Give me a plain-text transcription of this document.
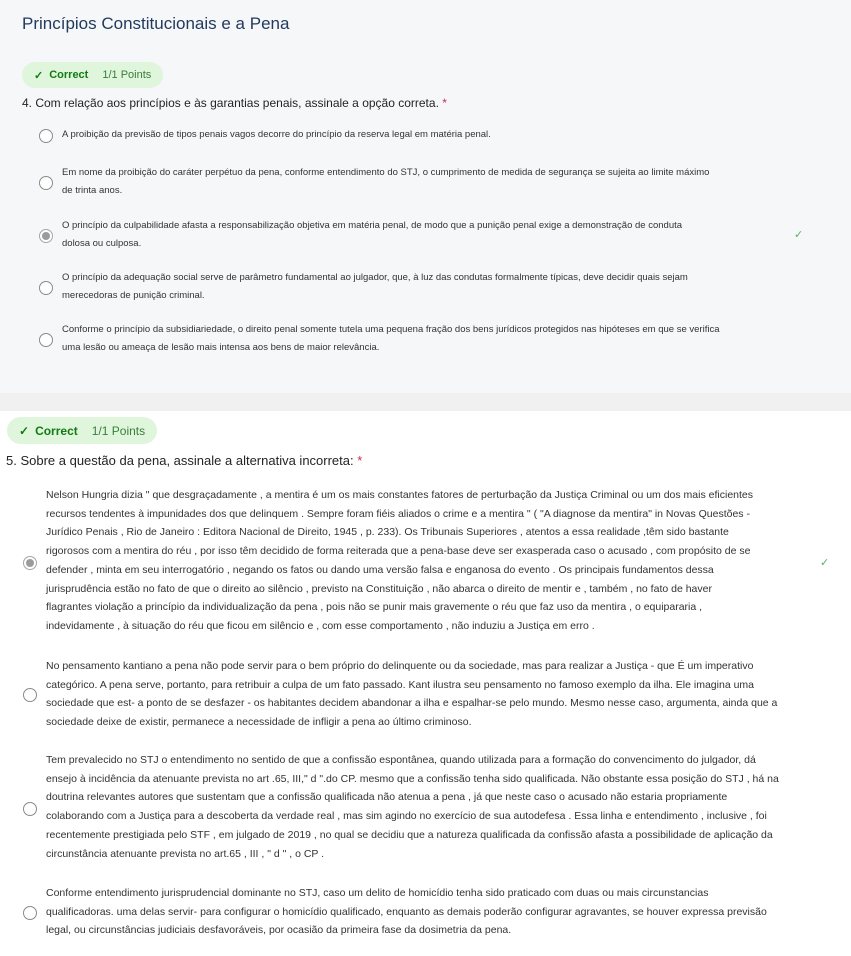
Princípios Constitucionais e a Pena
✓ Correct 1/1 Points
4. Com relação aos princípios e às garantias penais, assinale a opção correta. *
A proibição da previsão de tipos penais vagos decorre do princípio da reserva legal em matéria penal.
Em nome da proibição do caráter perpétuo da pena, conforme entendimento do STJ, o cumprimento de medida de segurança se sujeita ao limite máximo
de trinta anos.
O princípio da culpabilidade afasta a responsabilização objetiva em matéria penal, de modo que a punição penal exige a demonstração de conduta
dolosa ou culposa.
✓
O princípio da adequação social serve de parâmetro fundamental ao julgador, que, à luz das condutas formalmente típicas, deve decidir quais sejam
merecedoras de punição criminal.
Conforme o princípio da subsidiariedade, o direito penal somente tutela uma pequena fração dos bens jurídicos protegidos nas hipóteses em que se verifica
uma lesão ou ameaça de lesão mais intensa aos bens de maior relevância.
✓ Correct 1/1 Points
5. Sobre a questão da pena, assinale a alternativa incorreta: *
Nelson Hungria dizia " que desgraçadamente , a mentira é um os mais constantes fatores de perturbação da Justiça Criminal ou um dos mais eficientes
recursos tendentes à impunidades dos que delinquem . Sempre foram fiéis aliados o crime e a mentira " ( "A diagnose da mentira" in Novas Questões -
Jurídico Penais , Rio de Janeiro : Editora Nacional de Direito, 1945 , p. 233). Os Tribunais Superiores , atentos a essa realidade ,têm sido bastante
rigorosos com a mentira do réu , por isso têm decidido de forma reiterada que a pena-base deve ser exasperada caso o acusado , com propósito de se
defender , minta em seu interrogatório , negando os fatos ou dando uma versão falsa e enganosa do evento . Os principais fundamentos dessa
jurisprudência estão no fato de que o direito ao silêncio , previsto na Constituição , não abarca o direito de mentir e , também , no fato de haver
flagrantes violação a princípio da individualização da pena , pois não se punir mais gravemente o réu que faz uso da mentira , o equipararia ,
indevidamente , à situação do réu que ficou em silêncio e , com esse comportamento , não induziu a Justiça em erro .
✓
No pensamento kantiano a pena não pode servir para o bem próprio do delinquente ou da sociedade, mas para realizar a Justiça - que É um imperativo
categórico. A pena serve, portanto, para retribuir a culpa de um fato passado. Kant ilustra seu pensamento no famoso exemplo da ilha. Ele imagina uma
sociedade que est- a ponto de se desfazer - os habitantes decidem abandonar a ilha e espalhar-se pelo mundo. Mesmo nesse caso, argumenta, ainda que a
sociedade deixe de existir, permanece a necessidade de infligir a pena ao último criminoso.
Tem prevalecido no STJ o entendimento no sentido de que a confissão espontânea, quando utilizada para a formação do convencimento do julgador, dá
ensejo à incidência da atenuante prevista no art .65, III," d ".do CP. mesmo que a confissão tenha sido qualificada. Não obstante essa posição do STJ , há na
doutrina relevantes autores que sustentam que a confissão qualificada não atenua a pena , já que neste caso o acusado não estaria propriamente
colaborando com a Justiça para a descoberta da verdade real , mas sim agindo no exercício de sua autodefesa . Essa linha e entendimento , inclusive , foi
recentemente prestigiada pelo STF , em julgado de 2019 , no qual se decidiu que a natureza qualificada da confissão afasta a possibilidade de aplicação da
circunstância atenuante prevista no art.65 , III , " d " , o CP .
Conforme entendimento jurisprudencial dominante no STJ, caso um delito de homicídio tenha sido praticado com duas ou mais circunstancias
qualificadoras. uma delas servir- para configurar o homicídio qualificado, enquanto as demais poderão configurar agravantes, se houver expressa previsão
legal, ou circunstâncias judiciais desfavoráveis, por ocasião da primeira fase da dosimetria da pena.
